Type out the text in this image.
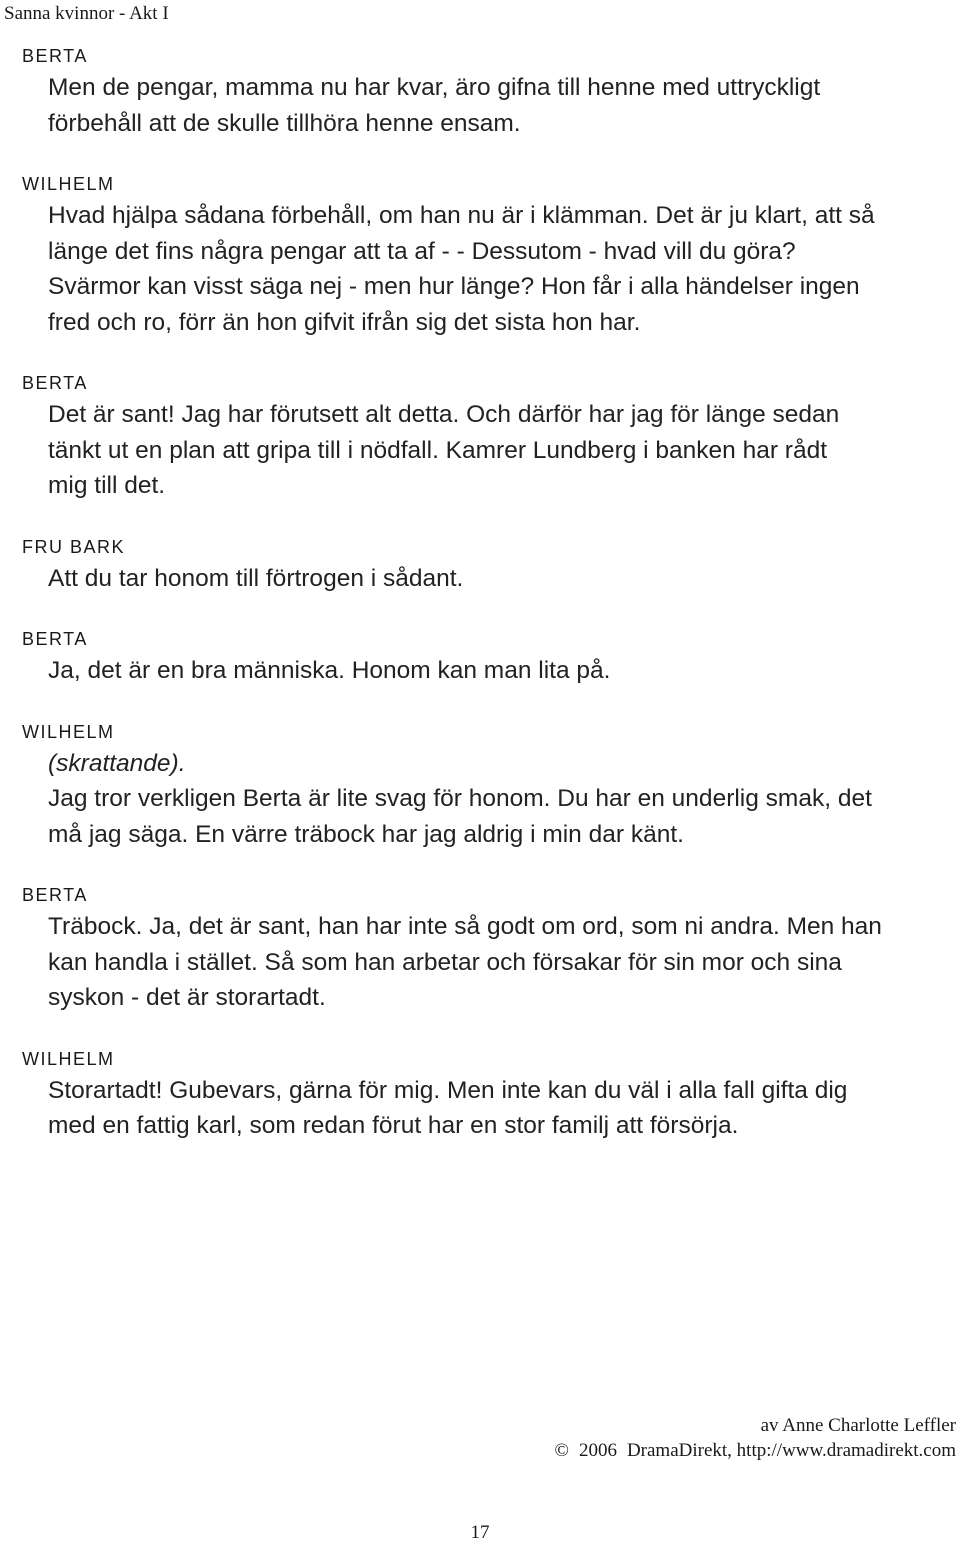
Sanna kvinnor - Akt I
BERTA
Men de pengar, mamma nu har kvar, äro gifna till henne med uttryckligt
förbehåll att de skulle tillhöra henne ensam.
WILHELM
Hvad hjälpa sådana förbehåll, om han nu är i klämman. Det är ju klart, att så
länge det fins några pengar att ta af - - Dessutom - hvad vill du göra?
Svärmor kan visst säga nej - men hur länge? Hon får i alla händelser ingen
fred och ro, förr än hon gifvit ifrån sig det sista hon har.
BERTA
Det är sant! Jag har förutsett alt detta. Och därför har jag för länge sedan
tänkt ut en plan att gripa till i nödfall. Kamrer Lundberg i banken har rådt
mig till det.
FRU BARK
Att du tar honom till förtrogen i sådant.
BERTA
Ja, det är en bra människa. Honom kan man lita på.
WILHELM
(skrattande).
Jag tror verkligen Berta är lite svag för honom. Du har en underlig smak, det
må jag säga. En värre träbock har jag aldrig i min dar känt.
BERTA
Träbock. Ja, det är sant, han har inte så godt om ord, som ni andra. Men han
kan handla i stället. Så som han arbetar och försakar för sin mor och sina
syskon - det är storartadt.
WILHELM
Storartadt! Gubevars, gärna för mig. Men inte kan du väl i alla fall gifta dig
med en fattig karl, som redan förut har en stor familj att försörja.
av Anne Charlotte Leffler
© 2006 DramaDirekt, http://www.dramadirekt.com
17
